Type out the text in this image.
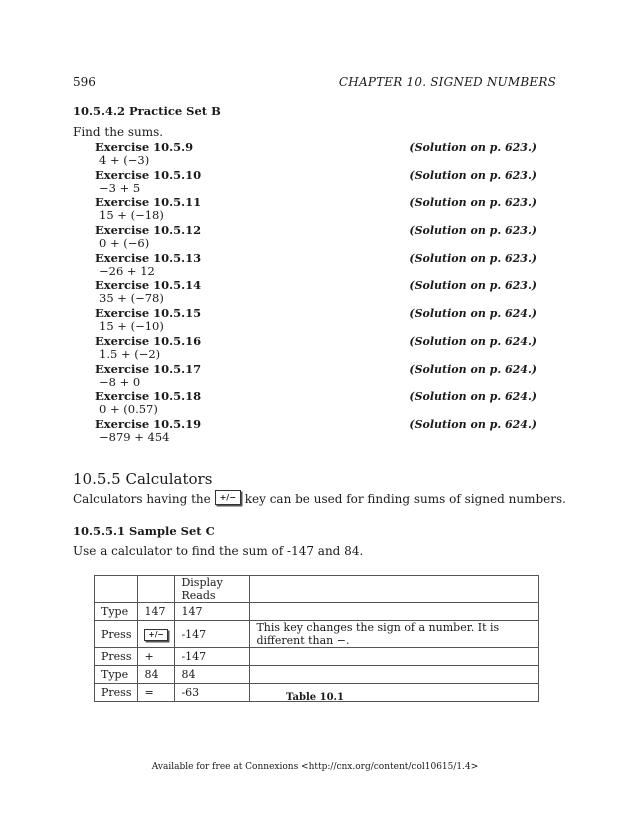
596	CHAPTER 10. SIGNED NUMBERS
10.5.4.2 Practice Set B
Find the sums.
Exercise 10.5.9	(Solution on p. 623.)
4 + (−3)
Exercise 10.5.10	(Solution on p. 623.)
−3 + 5
Exercise 10.5.11	(Solution on p. 623.)
15 + (−18)
Exercise 10.5.12	(Solution on p. 623.)
0 + (−6)
Exercise 10.5.13	(Solution on p. 623.)
−26 + 12
Exercise 10.5.14	(Solution on p. 623.)
35 + (−78)
Exercise 10.5.15	(Solution on p. 624.)
15 + (−10)
Exercise 10.5.16	(Solution on p. 624.)
1.5 + (−2)
Exercise 10.5.17	(Solution on p. 624.)
−8 + 0
Exercise 10.5.18	(Solution on p. 624.)
0 + (0.57)
Exercise 10.5.19	(Solution on p. 624.)
−879 + 454
10.5.5 Calculators
Calculators having the +/− key can be used for finding sums of signed numbers.
10.5.5.1 Sample Set C
Use a calculator to find the sum of -147 and 84.
		Display Reads	
Type	147	147	
Press	+/−	-147	This key changes the sign of a number. It is different than −.
Press	+	-147	
Type	84	84	
Press	=	-63		Table 10.1
Available for free at Connexions <http://cnx.org/content/col10615/1.4>
